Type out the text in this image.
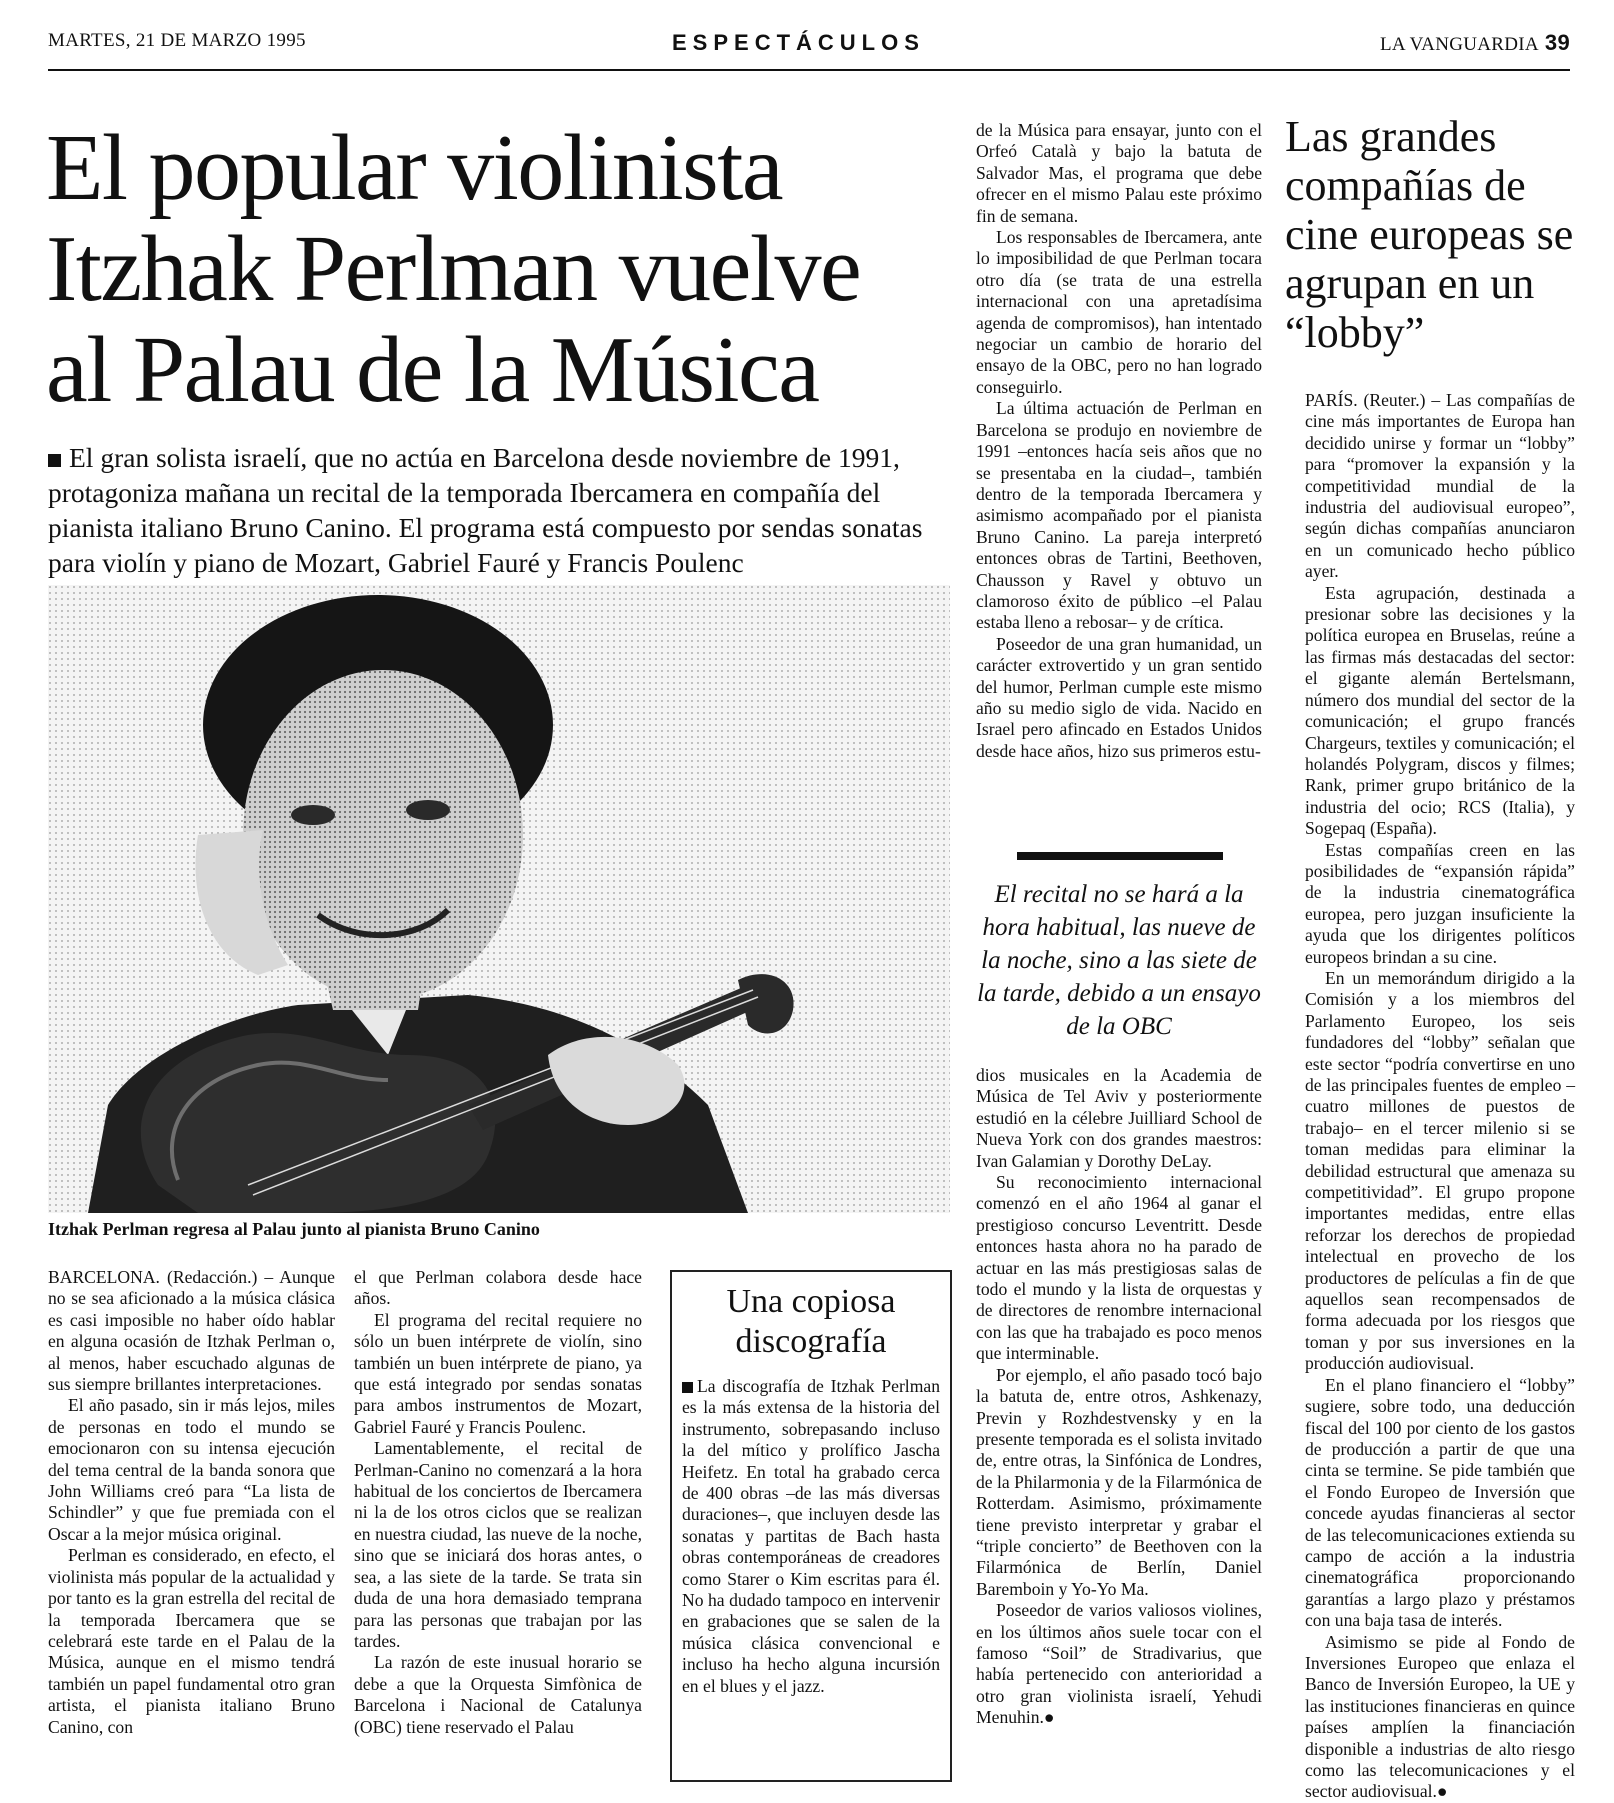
MARTES, 21 DE MARZO 1995	ESPECTÁCULOS	LA VANGUARDIA 39
El popular violinista Itzhak Perlman vuelve al Palau de la Música

El gran solista israelí, que no actúa en Barcelona desde noviembre de 1991, protagoniza mañana un recital de la temporada Ibercamera en compañía del pianista italiano Bruno Canino. El programa está compuesto por sendas sonatas para violín y piano de Mozart, Gabriel Fauré y Francis Poulenc

Itzhak Perlman regresa al Palau junto al pianista Bruno Canino

BARCELONA. (Redacción.) – Aunque no se sea aficionado a la música clásica es casi imposible no haber oído hablar en alguna ocasión de Itzhak Perlman o, al menos, haber escuchado algunas de sus siempre brillantes interpretaciones.

El año pasado, sin ir más lejos, miles de personas en todo el mundo se emocionaron con su intensa ejecución del tema central de la banda sonora que John Williams creó para “La lista de Schindler” y que fue premiada con el Oscar a la mejor música original.

Perlman es considerado, en efecto, el violinista más popular de la actualidad y por tanto es la gran estrella del recital de la temporada Ibercamera que se celebrará este tarde en el Palau de la Música, aunque en el mismo tendrá también un papel fundamental otro gran artista, el pianista italiano Bruno Canino, con

el que Perlman colabora desde hace años.

El programa del recital requiere no sólo un buen intérprete de violín, sino también un buen intérprete de piano, ya que está integrado por sendas sonatas para ambos instrumentos de Mozart, Gabriel Fauré y Francis Poulenc.

Lamentablemente, el recital de Perlman-Canino no comenzará a la hora habitual de los conciertos de Ibercamera ni la de los otros ciclos que se realizan en nuestra ciudad, las nueve de la noche, sino que se iniciará dos horas antes, o sea, a las siete de la tarde. Se trata sin duda de una hora demasiado temprana para las personas que trabajan por las tardes.

La razón de este inusual horario se debe a que la Orquesta Simfònica de Barcelona i Nacional de Catalunya (OBC) tiene reservado el Palau

Una copiosa discografía

La discografía de Itzhak Perlman es la más extensa de la historia del instrumento, sobrepasando incluso la del mítico y prolífico Jascha Heifetz. En total ha grabado cerca de 400 obras –de las más diversas duraciones–, que incluyen desde las sonatas y partitas de Bach hasta obras contemporáneas de creadores como Starer o Kim escritas para él. No ha dudado tampoco en intervenir en grabaciones que se salen de la música clásica convencional e incluso ha hecho alguna incursión en el blues y el jazz.

de la Música para ensayar, junto con el Orfeó Català y bajo la batuta de Salvador Mas, el programa que debe ofrecer en el mismo Palau este próximo fin de semana.

Los responsables de Ibercamera, ante lo imposibilidad de que Perlman tocara otro día (se trata de una estrella internacional con una apretadísima agenda de compromisos), han intentado negociar un cambio de horario del ensayo de la OBC, pero no han logrado conseguirlo.

La última actuación de Perlman en Barcelona se produjo en noviembre de 1991 –entonces hacía seis años que no se presentaba en la ciudad–, también dentro de la temporada Ibercamera y asimismo acompañado por el pianista Bruno Canino. La pareja interpretó entonces obras de Tartini, Beethoven, Chausson y Ravel y obtuvo un clamoroso éxito de público –el Palau estaba lleno a rebosar– y de crítica.

Poseedor de una gran humanidad, un carácter extrovertido y un gran sentido del humor, Perlman cumple este mismo año su medio siglo de vida. Nacido en Israel pero afincado en Estados Unidos desde hace años, hizo sus primeros estu-

El recital no se hará a la hora habitual, las nueve de la noche, sino a las siete de la tarde, debido a un ensayo de la OBC

dios musicales en la Academia de Música de Tel Aviv y posteriormente estudió en la célebre Juilliard School de Nueva York con dos grandes maestros: Ivan Galamian y Dorothy DeLay.

Su reconocimiento internacional comenzó en el año 1964 al ganar el prestigioso concurso Leventritt. Desde entonces hasta ahora no ha parado de actuar en las más prestigiosas salas de todo el mundo y la lista de orquestas y de directores de renombre internacional con las que ha trabajado es poco menos que interminable.

Por ejemplo, el año pasado tocó bajo la batuta de, entre otros, Ashkenazy, Previn y Rozhdestvensky y en la presente temporada es el solista invitado de, entre otras, la Sinfónica de Londres, de la Philarmonia y de la Filarmónica de Rotterdam. Asimismo, próximamente tiene previsto interpretar y grabar el “triple concierto” de Beethoven con la Filarmónica de Berlín, Daniel Baremboin y Yo-Yo Ma.

Poseedor de varios valiosos violines, en los últimos años suele tocar con el famoso “Soil” de Stradivarius, que había pertenecido con anterioridad a otro gran violinista israelí, Yehudi Menuhin.●

Las grandes compañías de cine europeas se agrupan en un “lobby”

PARÍS. (Reuter.) – Las compañías de cine más importantes de Europa han decidido unirse y formar un “lobby” para “promover la expansión y la competitividad mundial de la industria del audiovisual europeo”, según dichas compañías anunciaron en un comunicado hecho público ayer.

Esta agrupación, destinada a presionar sobre las decisiones y la política europea en Bruselas, reúne a las firmas más destacadas del sector: el gigante alemán Bertelsmann, número dos mundial del sector de la comunicación; el grupo francés Chargeurs, textiles y comunicación; el holandés Polygram, discos y filmes; Rank, primer grupo británico de la industria del ocio; RCS (Italia), y Sogepaq (España).

Estas compañías creen en las posibilidades de “expansión rápida” de la industria cinematográfica europea, pero juzgan insuficiente la ayuda que los dirigentes políticos europeos brindan a su cine.

En un memorándum dirigido a la Comisión y a los miembros del Parlamento Europeo, los seis fundadores del “lobby” señalan que este sector “podría convertirse en uno de las principales fuentes de empleo –cuatro millones de puestos de trabajo– en el tercer milenio si se toman medidas para eliminar la debilidad estructural que amenaza su competitividad”. El grupo propone importantes medidas, entre ellas reforzar los derechos de propiedad intelectual en provecho de los productores de películas a fin de que aquellos sean recompensados de forma adecuada por los riesgos que toman y por sus inversiones en la producción audiovisual.

En el plano financiero el “lobby” sugiere, sobre todo, una deducción fiscal del 100 por ciento de los gastos de producción a partir de que una cinta se termine. Se pide también que el Fondo Europeo de Inversión que concede ayudas financieras al sector de las telecomunicaciones extienda su campo de acción a la industria cinematográfica proporcionando garantías a largo plazo y préstamos con una baja tasa de interés.

Asimismo se pide al Fondo de Inversiones Europeo que enlaza el Banco de Inversión Europeo, la UE y las instituciones financieras en quince países amplíen la financiación disponible a industrias de alto riesgo como las telecomunicaciones y el sector audiovisual.●
